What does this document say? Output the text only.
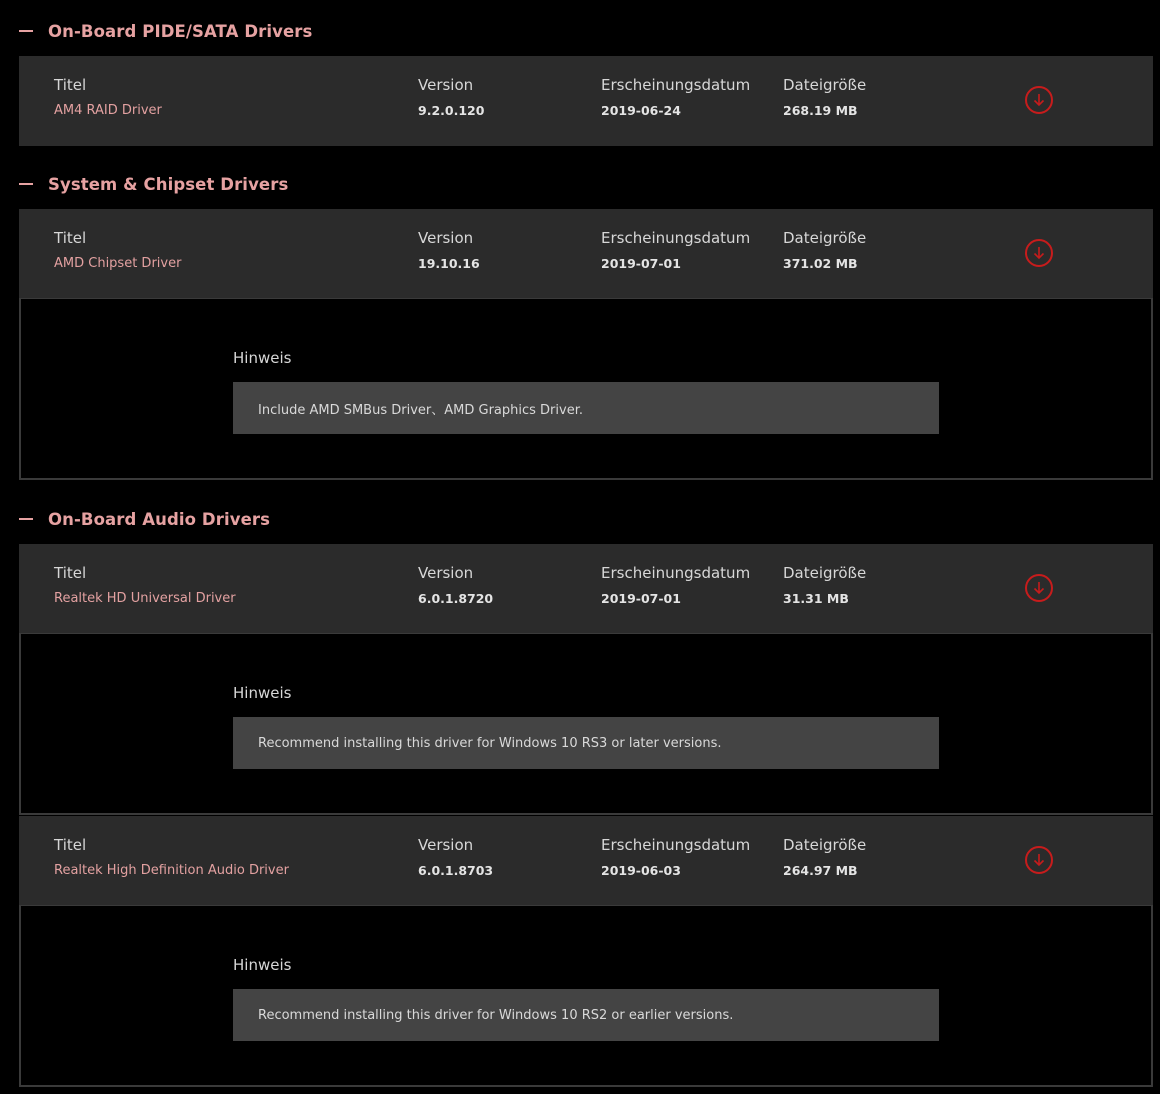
On-Board PIDE/SATA Drivers
Titel
AM4 RAID Driver
Version
9.2.0.120
Erscheinungsdatum
2019-06-24
Dateigröße
268.19 MB
System & Chipset Drivers
Titel
AMD Chipset Driver
Version
19.10.16
Erscheinungsdatum
2019-07-01
Dateigröße
371.02 MB
Hinweis
Include AMD SMBus Driver、AMD Graphics Driver.
On-Board Audio Drivers
Titel
Realtek HD Universal Driver
Version
6.0.1.8720
Erscheinungsdatum
2019-07-01
Dateigröße
31.31 MB
Hinweis
Recommend installing this driver for Windows 10 RS3 or later versions.
Titel
Realtek High Definition Audio Driver
Version
6.0.1.8703
Erscheinungsdatum
2019-06-03
Dateigröße
264.97 MB
Hinweis
Recommend installing this driver for Windows 10 RS2 or earlier versions.
